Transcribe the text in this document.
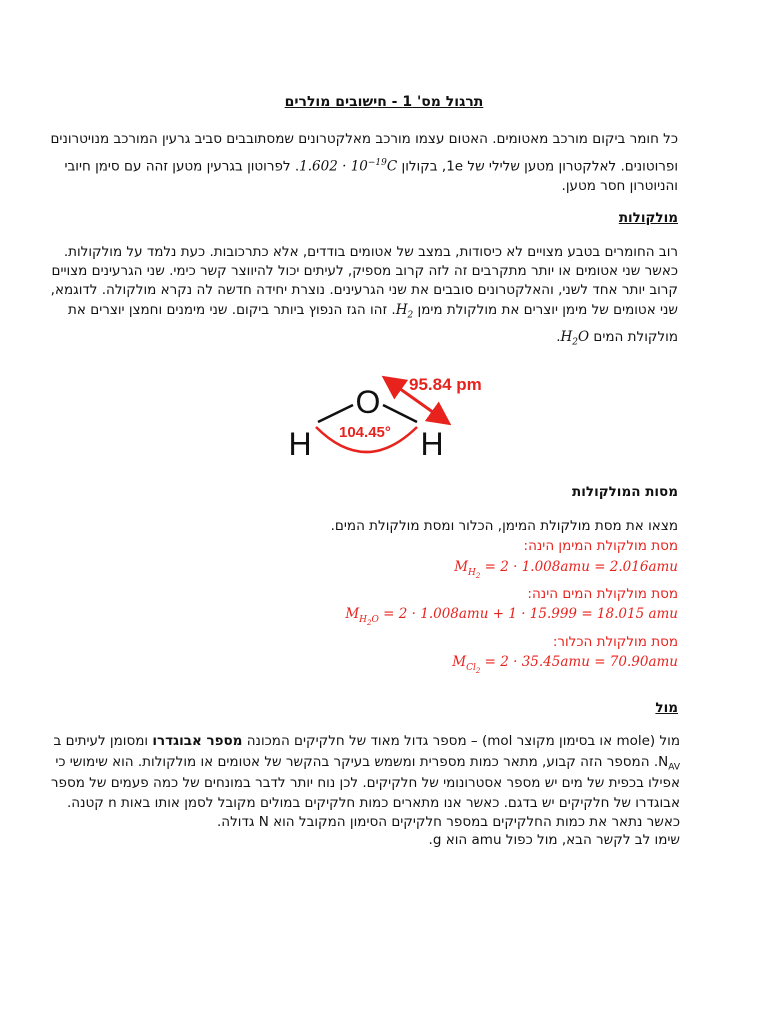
תרגול מס' 1 - חישובים מולרים
כל חומר ביקום מורכב מאטומים. האטום עצמו מורכב מאלקטרונים שמסתובבים סביב גרעין המורכב מנויטרונים
ופרוטונים. לאלקטרון מטען שלילי של 1e, בקולון $1.602 \cdot 10^{-19}C$. לפרוטון בגרעין מטען זהה עם סימן חיובי
והניוטרון חסר מטען.
מולקולות
רוב החומרים בטבע מצויים לא כיסודות, במצב של אטומים בודדים, אלא כתרכובות. כעת נלמד על מולקולות.
כאשר שני אטומים או יותר מתקרבים זה לזה קרוב מספיק, לעיתים יכול להיווצר קשר כימי. שני הגרעינים מצויים
קרוב יותר אחד לשני, והאלקטרונים סובבים את שני הגרעינים. נוצרת יחידה חדשה לה נקרא מולקולה. לדוגמא,
שני אטומים של מימן יוצרים את מולקולת מימן $H_2$. זהו הגז הנפוץ ביותר ביקום. שני מימנים וחמצן יוצרים את
מולקולת המים $H_2O$.
O
H	H
95.84 pm
104.45°
מסות המולקולות
מצאו את מסת מולקולת המימן, הכלור ומסת מולקולת המים.
מסת מולקולת המימן הינה:
$M_{H_2} = 2 \cdot 1.008amu = 2.016amu$
מסת מולקולת המים הינה:
$M_{H_2O} = 2 \cdot 1.008amu + 1 \cdot 15.999 = 18.015$ amu
מסת מולקולת הכלור:
$M_{Cl_2} = 2 \cdot 35.45amu = 70.90amu$
מול
מול (mole או בסימון מקוצר mol) – מספר גדול מאוד של חלקיקים המכונה מספר אבוגדרו ומסומן לעיתים ב
$N_{AV}$. המספר הזה קבוע, מתאר כמות מספרית ומשמש בעיקר בהקשר של אטומים או מולקולות. הוא שימושי כי
אפילו בכפית של מים יש מספר אסטרונומי של חלקיקים. לכן נוח יותר לדבר במונחים של כמה פעמים של מספר
אבוגדרו של חלקיקים יש בדגם. כאשר אנו מתארים כמות חלקיקים במולים מקובל לסמן אותו באות n קטנה.
כאשר נתאר את כמות החלקיקים במספר חלקיקים הסימון המקובל הוא N גדולה.
שימו לב לקשר הבא, מול כפול amu הוא g.
